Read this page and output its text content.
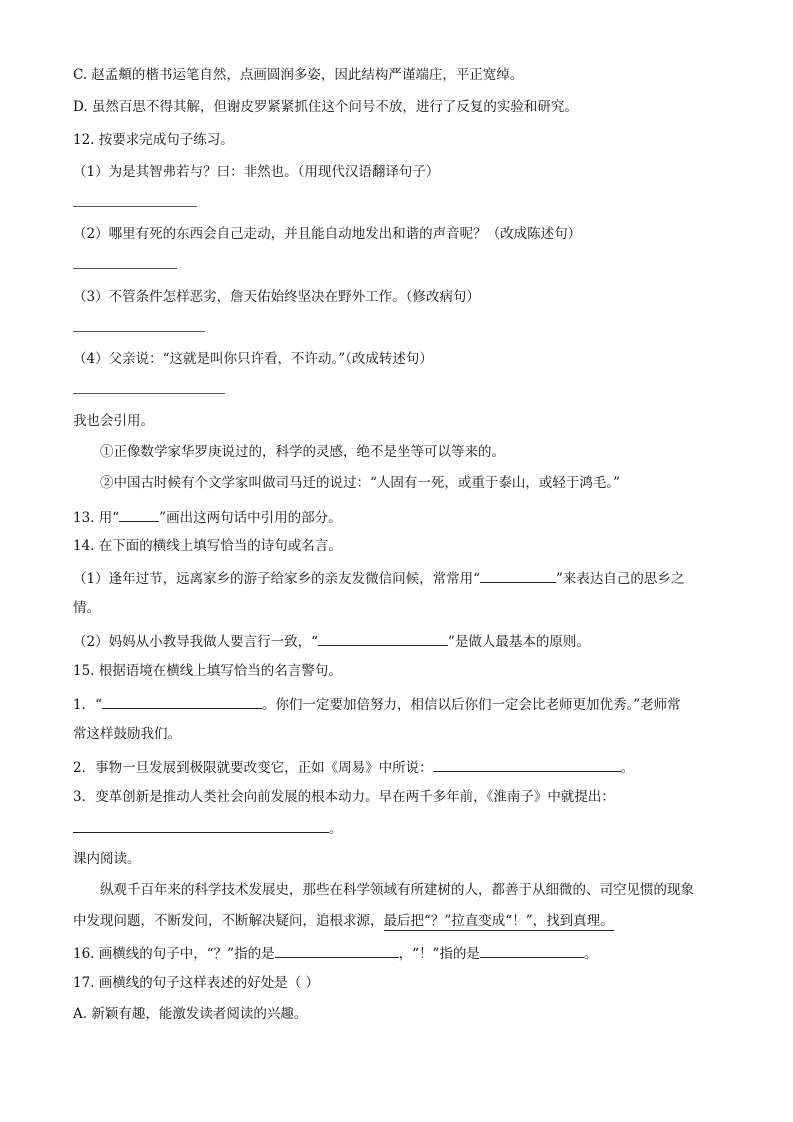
C. 赵孟頫的楷书运笔自然，点画圆润多姿，因此结构严谨端庄，平正宽绰。
D. 虽然百思不得其解，但谢皮罗紧紧抓住这个问号不放，进行了反复的实验和研究。
12. 按要求完成句子练习。
（1）为是其智弗若与？曰：非然也。（用现代汉语翻译句子）
（2）哪里有死的东西会自己走动，并且能自动地发出和谐的声音呢？（改成陈述句）
（3）不管条件怎样恶劣，詹天佑始终坚决在野外工作。（修改病句）
（4）父亲说：“这就是叫你只许看，不许动。”（改成转述句）
我也会引用。
①正像数学家华罗庚说过的，科学的灵感，绝不是坐等可以等来的。
②中国古时候有个文学家叫做司马迁的说过：“人固有一死，或重于泰山，或轻于鸿毛。”
13. 用“	”画出这两句话中引用的部分。
14. 在下面的横线上填写恰当的诗句或名言。
（1）逢年过节，远离家乡的游子给家乡的亲友发微信问候，常常用“	”来表达自己的思乡之
情。
（2）妈妈从小教导我做人要言行一致，“	”是做人最基本的原则。
15. 根据语境在横线上填写恰当的名言警句。
1．“	。你们一定要加倍努力，相信以后你们一定会比老师更加优秀。”老师常
常这样鼓励我们。
2．事物一旦发展到极限就要改变它，正如《周易》中所说：	。
3．变革创新是推动人类社会向前发展的根本动力。早在两千多年前，《淮南子》中就提出：
。
课内阅读。
纵观千百年来的科学技术发展史，那些在科学领域有所建树的人，都善于从细微的、司空见惯的现象
中发现问题，不断发问，不断解决疑问，追根求源，最后把“？”拉直变成“！”，找到真理。
16. 画横线的句子中，“？”指的是	，“！”指的是	。
17. 画横线的句子这样表述的好处是（ ）
A. 新颖有趣，能激发读者阅读的兴趣。
